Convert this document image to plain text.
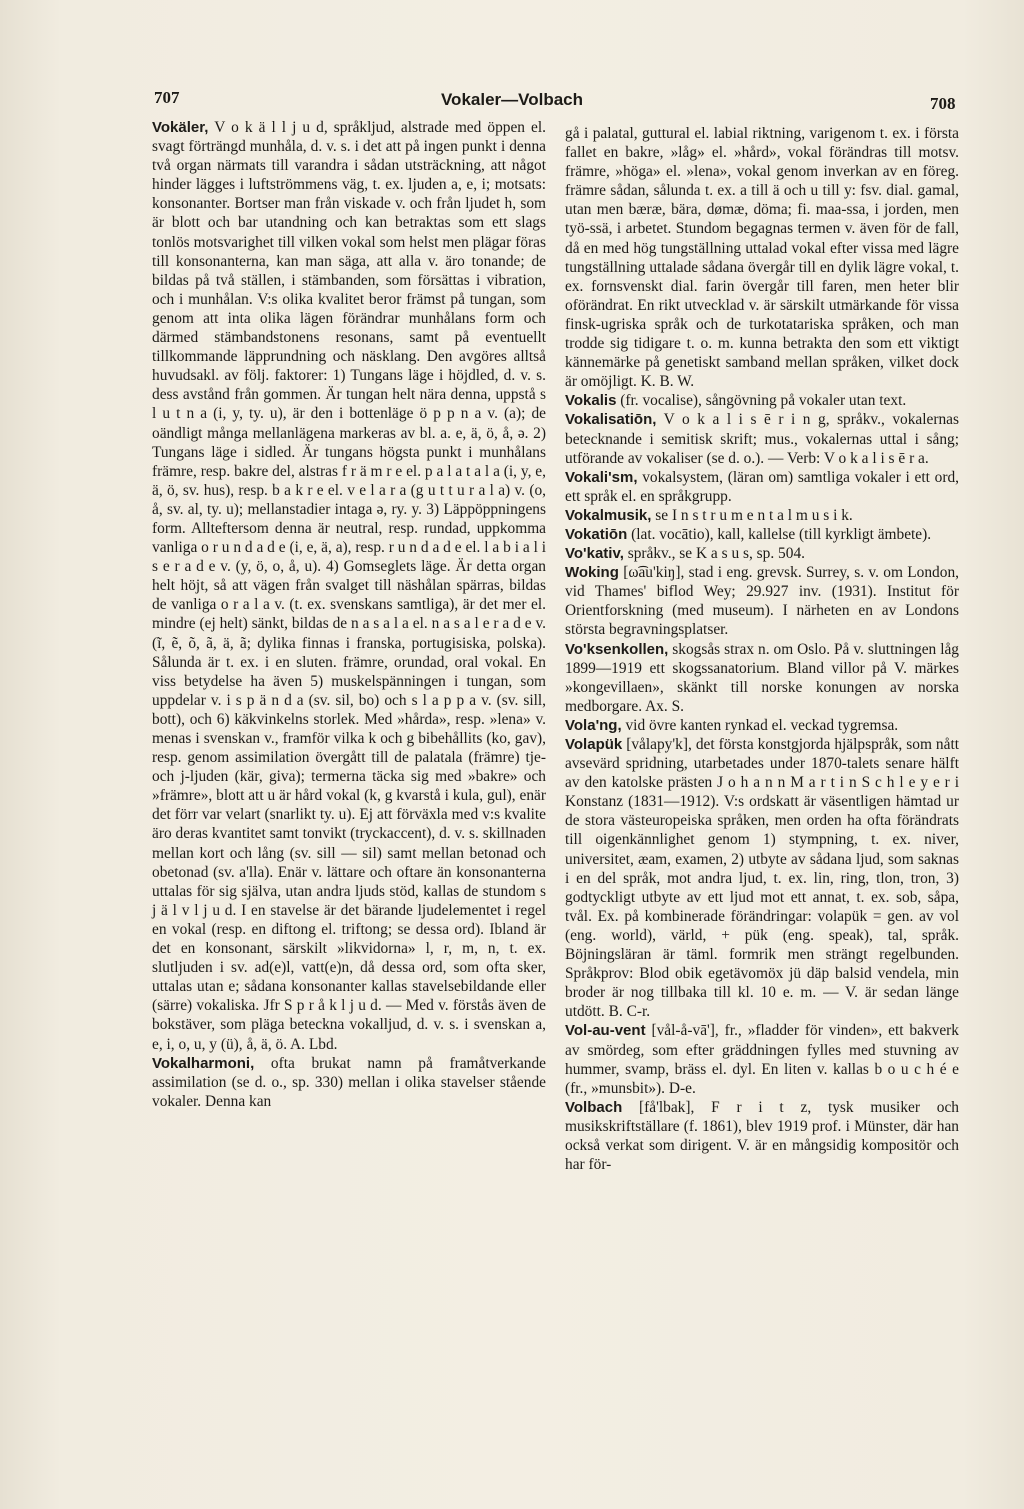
707	Vokaler—Volbach	708

Vokäler, V o k ä l l j u d, språkljud, alstrade med öppen el. svagt förträngd munhåla, d. v. s. i det att på ingen punkt i denna två organ närmats till varandra i sådan utsträckning, att något hinder lägges i luftströmmens väg, t. ex. ljuden a, e, i; motsats: konsonanter. Bortser man från viskade v. och från ljudet h, som är blott och bar utandning och kan betraktas som ett slags tonlös motsvarighet till vilken vokal som helst men plägar föras till konsonanterna, kan man säga, att alla v. äro tonande; de bildas på två ställen, i stämbanden, som försättas i vibration, och i munhålan. V:s olika kvalitet beror främst på tungan, som genom att inta olika lägen förändrar munhålans form och därmed stämbandstonens resonans, samt på eventuellt tillkommande läpprundning och näsklang. Den avgöres alltså huvudsakl. av följ. faktorer: 1) Tungans läge i höjdled, d. v. s. dess avstånd från gommen. Är tungan helt nära denna, uppstå s l u t n a (i, y, ty. u), är den i bottenläge ö p p n a v. (a); de oändligt många mellanlägena markeras av bl. a. e, ä, ö, å, ə. 2) Tungans läge i sidled. Är tungans högsta punkt i munhålans främre, resp. bakre del, alstras f r ä m r e el. p a l a t a l a (i, y, e, ä, ö, sv. hus), resp. b a k r e el. v e l a r a (g u t t u r a l a) v. (o, å, sv. al, ty. u); mellanstadier intaga ə, ry. y. 3) Läppöppningens form. Allteftersom denna är neutral, resp. rundad, uppkomma vanliga o r u n d a d e (i, e, ä, a), resp. r u n d a d e el. l a b i a l i s e r a d e v. (y, ö, o, å, u). 4) Gomseglets läge. Är detta organ helt höjt, så att vägen från svalget till näshålan spärras, bildas de vanliga o r a l a v. (t. ex. svenskans samtliga), är det mer el. mindre (ej helt) sänkt, bildas de n a s a l a el. n a s a l e r a d e v. (ĩ, ẽ, õ, ã, ä, ã; dylika finnas i franska, portugisiska, polska). Sålunda är t. ex. i en sluten. främre, orundad, oral vokal. En viss betydelse ha även 5) muskelspänningen i tungan, som uppdelar v. i s p ä n d a (sv. sil, bo) och s l a p p a v. (sv. sill, bott), och 6) käkvinkelns storlek. Med »hårda», resp. »lena» v. menas i svenskan v., framför vilka k och g bibehållits (ko, gav), resp. genom assimilation övergått till de palatala (främre) tje- och j-ljuden (kär, giva); termerna täcka sig med »bakre» och »främre», blott att u är hård vokal (k, g kvarstå i kula, gul), enär det förr var velart (snarlikt ty. u). Ej att förväxla med v:s kvalite äro deras kvantitet samt tonvikt (tryckaccent), d. v. s. skillnaden mellan kort och lång (sv. sill — sil) samt mellan betonad och obetonad (sv. a'lla). Enär v. lättare och oftare än konsonanterna uttalas för sig själva, utan andra ljuds stöd, kallas de stundom s j ä l v l j u d. I en stavelse är det bärande ljudelementet i regel en vokal (resp. en diftong el. triftong; se dessa ord). Ibland är det en konsonant, särskilt »likvidorna» l, r, m, n, t. ex. slutljuden i sv. ad(e)l, vatt(e)n, då dessa ord, som ofta sker, uttalas utan e; sådana konsonanter kallas stavelsebildande eller (särre) vokaliska. Jfr S p r å k l j u d. — Med v. förstås även de bokstäver, som pläga beteckna vokalljud, d. v. s. i svenskan a, e, i, o, u, y (ü), å, ä, ö. A. Lbd.

Vokalharmoni, ofta brukat namn på framåtverkande assimilation (se d. o., sp. 330) mellan i olika stavelser stående vokaler. Denna kan

gå i palatal, guttural el. labial riktning, varigenom t. ex. i första fallet en bakre, »låg» el. »hård», vokal förändras till motsv. främre, »höga» el. »lena», vokal genom inverkan av en föreg. främre sådan, sålunda t. ex. a till ä och u till y: fsv. dial. gamal, utan men bæræ, bära, dømæ, döma; fi. maa-ssa, i jorden, men työ-ssä, i arbetet. Stundom begagnas termen v. även för de fall, då en med hög tungställning uttalad vokal efter vissa med lägre tungställning uttalade sådana övergår till en dylik lägre vokal, t. ex. fornsvenskt dial. farin övergår till faren, men heter blir oförändrat. En rikt utvecklad v. är särskilt utmärkande för vissa finsk-ugriska språk och de turkotatariska språken, och man trodde sig tidigare t. o. m. kunna betrakta den som ett viktigt kännemärke på genetiskt samband mellan språken, vilket dock är omöjligt. K. B. W.

Vokalis (fr. vocalise), sångövning på vokaler utan text.

Vokalisatiōn, V o k a l i s ē r i n g, språkv., vokalernas betecknande i semitisk skrift; mus., vokalernas uttal i sång; utförande av vokaliser (se d. o.). — Verb: V o k a l i s ē r a.

Vokali'sm, vokalsystem, (läran om) samtliga vokaler i ett ord, ett språk el. en språkgrupp.

Vokalmusik, se I n s t r u m e n t a l m u s i k.

Vokatiōn (lat. vocātio), kall, kallelse (till kyrkligt ämbete).

Vo'kativ, språkv., se K a s u s, sp. 504.

Woking [ω͡au'kiŋ], stad i eng. grevsk. Surrey, s. v. om London, vid Thames' biflod Wey; 29.927 inv. (1931). Institut för Orientforskning (med museum). I närheten en av Londons största begravningsplatser.

Vo'ksenkollen, skogsås strax n. om Oslo. På v. sluttningen låg 1899—1919 ett skogssanatorium. Bland villor på V. märkes »kongevillaen», skänkt till norske konungen av norska medborgare. Ax. S.

Vola'ng, vid övre kanten rynkad el. veckad tygremsa.

Volapük [vålapy'k], det första konstgjorda hjälpspråk, som nått avsevärd spridning, utarbetades under 1870-talets senare hälft av den katolske prästen J o h a n n M a r t i n S c h l e y e r i Konstanz (1831—1912). V:s ordskatt är väsentligen hämtad ur de stora västeuropeiska språken, men orden ha ofta förändrats till oigenkännlighet genom 1) stympning, t. ex. niver, universitet, æam, examen, 2) utbyte av sådana ljud, som saknas i en del språk, mot andra ljud, t. ex. lin, ring, tlon, tron, 3) godtyckligt utbyte av ett ljud mot ett annat, t. ex. sob, såpa, tvål. Ex. på kombinerade förändringar: volapük = gen. av vol (eng. world), värld, + pük (eng. speak), tal, språk. Böjningsläran är täml. formrik men strängt regelbunden. Språkprov: Blod obik egetävomöx jü däp balsid vendela, min broder är nog tillbaka till kl. 10 e. m. — V. är sedan länge utdött. B. C-r.

Vol-au-vent [vål-å-vā'], fr., »fladder för vinden», ett bakverk av smördeg, som efter gräddningen fylles med stuvning av hummer, svamp, bräss el. dyl. En liten v. kallas b o u c h é e (fr., »munsbit»). D-e.

Volbach [få'lbak], F r i t z, tysk musiker och musikskriftställare (f. 1861), blev 1919 prof. i Münster, där han också verkat som dirigent. V. är en mångsidig kompositör och har för-
